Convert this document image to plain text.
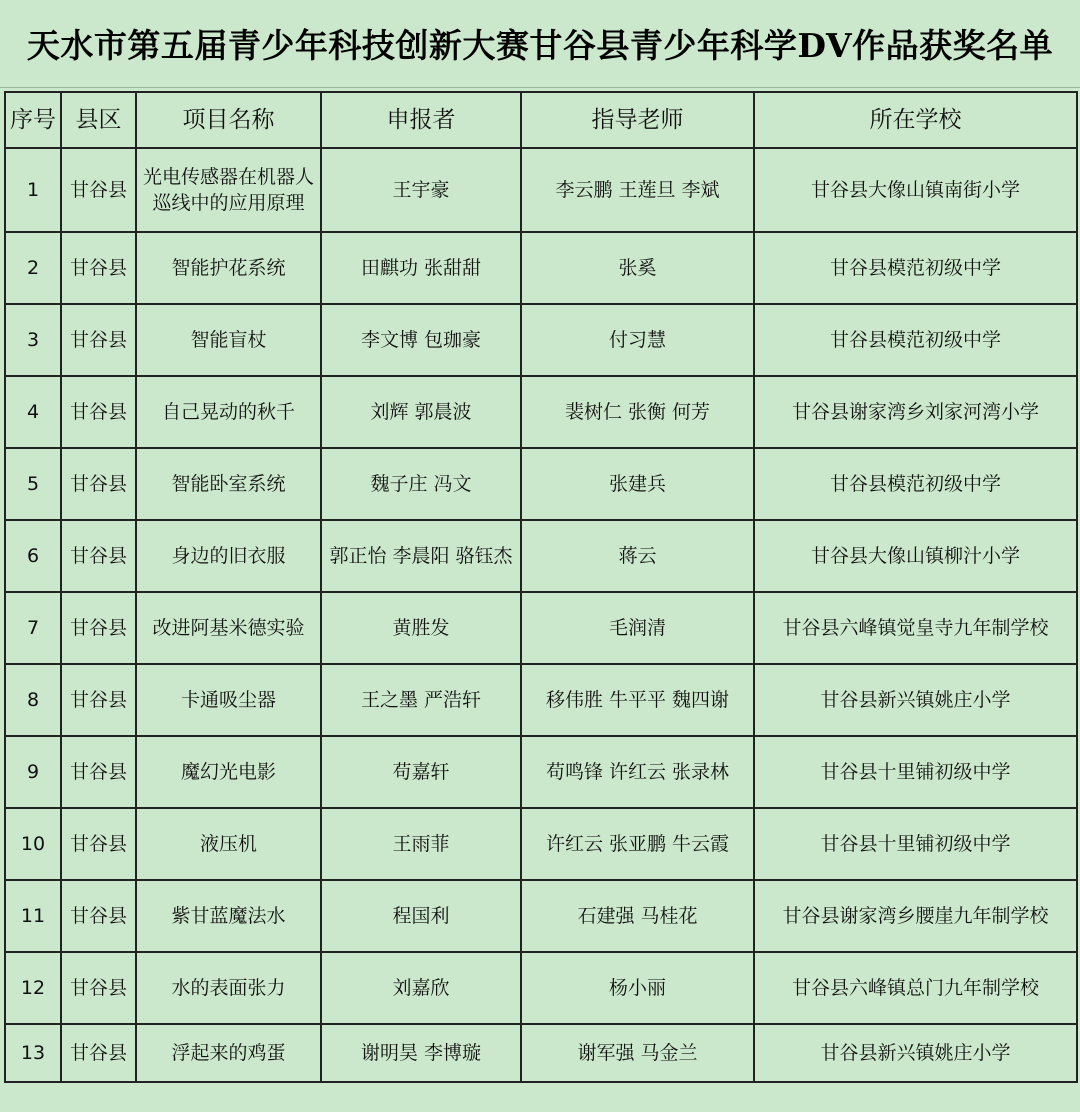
天水市第五届青少年科技创新大赛甘谷县青少年科学DV作品获奖名单
序号	县区	项目名称	申报者	指导老师	所在学校
1	甘谷县	光电传感器在机器人巡线中的应用原理	王宇豪	李云鹏 王莲旦 李斌	甘谷县大像山镇南街小学
2	甘谷县	智能护花系统	田麒功 张甜甜	张奚	甘谷县模范初级中学
3	甘谷县	智能盲杖	李文博 包珈豪	付习慧	甘谷县模范初级中学
4	甘谷县	自己晃动的秋千	刘辉 郭晨波	裴树仁 张衡 何芳	甘谷县谢家湾乡刘家河湾小学
5	甘谷县	智能卧室系统	魏子庄 冯文	张建兵	甘谷县模范初级中学
6	甘谷县	身边的旧衣服	郭正怡 李晨阳 骆钰杰	蒋云	甘谷县大像山镇柳汁小学
7	甘谷县	改进阿基米德实验	黄胜发	毛润清	甘谷县六峰镇觉皇寺九年制学校
8	甘谷县	卡通吸尘器	王之墨 严浩轩	移伟胜 牛平平 魏四谢	甘谷县新兴镇姚庄小学
9	甘谷县	魔幻光电影	苟嘉轩	苟鸣锋 许红云 张录林	甘谷县十里铺初级中学
10	甘谷县	液压机	王雨菲	许红云 张亚鹏 牛云霞	甘谷县十里铺初级中学
11	甘谷县	紫甘蓝魔法水	程国利	石建强 马桂花	甘谷县谢家湾乡腰崖九年制学校
12	甘谷县	水的表面张力	刘嘉欣	杨小丽	甘谷县六峰镇总门九年制学校
13	甘谷县	浮起来的鸡蛋	谢明昊 李博璇	谢军强 马金兰	甘谷县新兴镇姚庄小学
